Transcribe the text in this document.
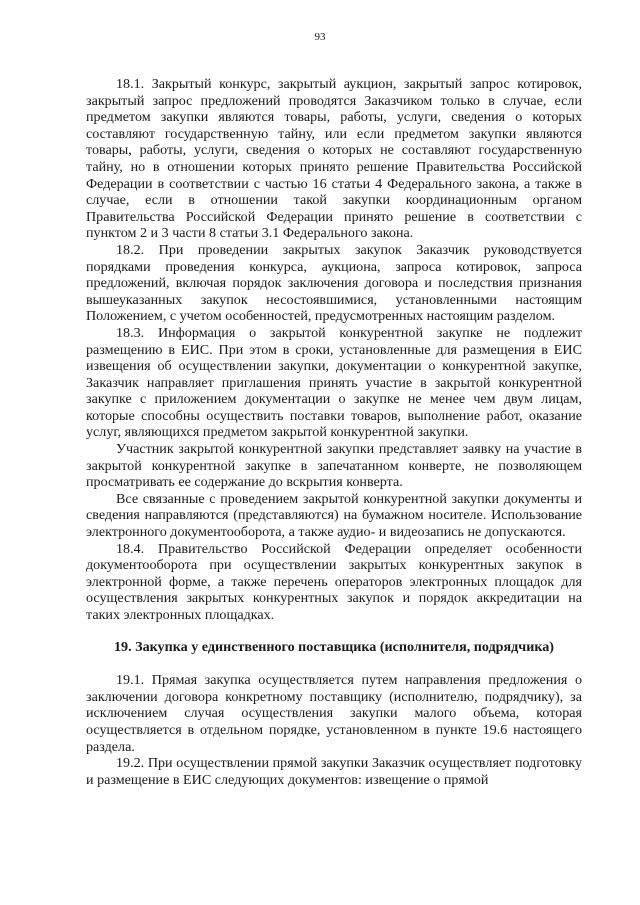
93

18.1. Закрытый конкурс, закрытый аукцион, закрытый запрос котировок, закрытый запрос предложений проводятся Заказчиком только в случае, если предметом закупки являются товары, работы, услуги, сведения о которых составляют государственную тайну, или если предметом закупки являются товары, работы, услуги, сведения о которых не составляют государственную тайну, но в отношении которых принято решение Правительства Российской Федерации в соответствии с частью 16 статьи 4 Федерального закона, а также в случае, если в отношении такой закупки координационным органом Правительства Российской Федерации принято решение в соответствии с пунктом 2 и 3 части 8 статьи 3.1 Федерального закона.

18.2. При проведении закрытых закупок Заказчик руководствуется порядками проведения конкурса, аукциона, запроса котировок, запроса предложений, включая порядок заключения договора и последствия признания вышеуказанных закупок несостоявшимися, установленными настоящим Положением, с учетом особенностей, предусмотренных настоящим разделом.

18.3. Информация о закрытой конкурентной закупке не подлежит размещению в ЕИС. При этом в сроки, установленные для размещения в ЕИС извещения об осуществлении закупки, документации о конкурентной закупке, Заказчик направляет приглашения принять участие в закрытой конкурентной закупке с приложением документации о закупке не менее чем двум лицам, которые способны осуществить поставки товаров, выполнение работ, оказание услуг, являющихся предметом закрытой конкурентной закупки.

Участник закрытой конкурентной закупки представляет заявку на участие в закрытой конкурентной закупке в запечатанном конверте, не позволяющем просматривать ее содержание до вскрытия конверта.

Все связанные с проведением закрытой конкурентной закупки документы и сведения направляются (представляются) на бумажном носителе. Использование электронного документооборота, а также аудио- и видеозапись не допускаются.

18.4. Правительство Российской Федерации определяет особенности документооборота при осуществлении закрытых конкурентных закупок в электронной форме, а также перечень операторов электронных площадок для осуществления закрытых конкурентных закупок и порядок аккредитации на таких электронных площадках.

19. Закупка у единственного поставщика (исполнителя, подрядчика)

19.1. Прямая закупка осуществляется путем направления предложения о заключении договора конкретному поставщику (исполнителю, подрядчику), за исключением случая осуществления закупки малого объема, которая осуществляется в отдельном порядке, установленном в пункте 19.6 настоящего раздела.

19.2. При осуществлении прямой закупки Заказчик осуществляет подготовку и размещение в ЕИС следующих документов: извещение о прямой
